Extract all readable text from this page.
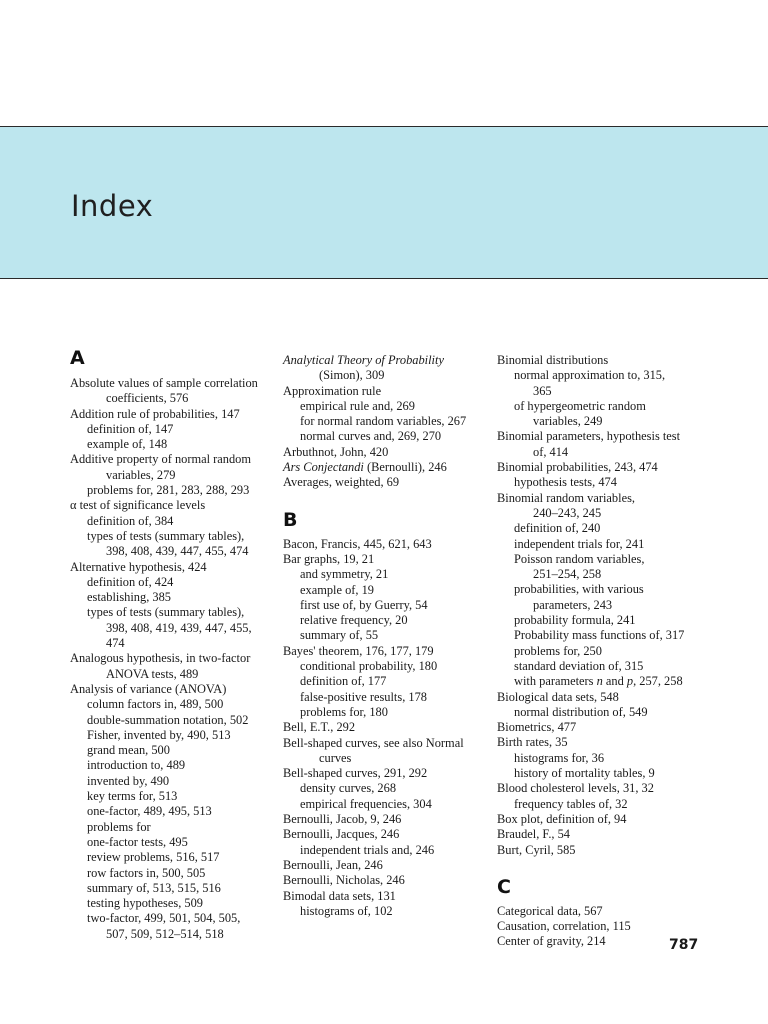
Index
A
Absolute values of sample correlation
coefficients, 576
Addition rule of probabilities, 147
definition of, 147
example of, 148
Additive property of normal random
variables, 279
problems for, 281, 283, 288, 293
α test of significance levels
definition of, 384
types of tests (summary tables),
398, 408, 439, 447, 455, 474
Alternative hypothesis, 424
definition of, 424
establishing, 385
types of tests (summary tables),
398, 408, 419, 439, 447, 455,
474
Analogous hypothesis, in two-factor
ANOVA tests, 489
Analysis of variance (ANOVA)
column factors in, 489, 500
double-summation notation, 502
Fisher, invented by, 490, 513
grand mean, 500
introduction to, 489
invented by, 490
key terms for, 513
one-factor, 489, 495, 513
problems for
one-factor tests, 495
review problems, 516, 517
row factors in, 500, 505
summary of, 513, 515, 516
testing hypotheses, 509
two-factor, 499, 501, 504, 505,
507, 509, 512–514, 518
Analytical Theory of Probability
(Simon), 309
Approximation rule
empirical rule and, 269
for normal random variables, 267
normal curves and, 269, 270
Arbuthnot, John, 420
Ars Conjectandi (Bernoulli), 246
Averages, weighted, 69
B
Bacon, Francis, 445, 621, 643
Bar graphs, 19, 21
and symmetry, 21
example of, 19
first use of, by Guerry, 54
relative frequency, 20
summary of, 55
Bayes' theorem, 176, 177, 179
conditional probability, 180
definition of, 177
false-positive results, 178
problems for, 180
Bell, E.T., 292
Bell-shaped curves, see also Normal
curves
Bell-shaped curves, 291, 292
density curves, 268
empirical frequencies, 304
Bernoulli, Jacob, 9, 246
Bernoulli, Jacques, 246
independent trials and, 246
Bernoulli, Jean, 246
Bernoulli, Nicholas, 246
Bimodal data sets, 131
histograms of, 102
Binomial distributions
normal approximation to, 315,
365
of hypergeometric random
variables, 249
Binomial parameters, hypothesis test
of, 414
Binomial probabilities, 243, 474
hypothesis tests, 474
Binomial random variables,
240–243, 245
definition of, 240
independent trials for, 241
Poisson random variables,
251–254, 258
probabilities, with various
parameters, 243
probability formula, 241
Probability mass functions of, 317
problems for, 250
standard deviation of, 315
with parameters n and p, 257, 258
Biological data sets, 548
normal distribution of, 549
Biometrics, 477
Birth rates, 35
histograms for, 36
history of mortality tables, 9
Blood cholesterol levels, 31, 32
frequency tables of, 32
Box plot, definition of, 94
Braudel, F., 54
Burt, Cyril, 585
C
Categorical data, 567
Causation, correlation, 115
Center of gravity, 214	787
